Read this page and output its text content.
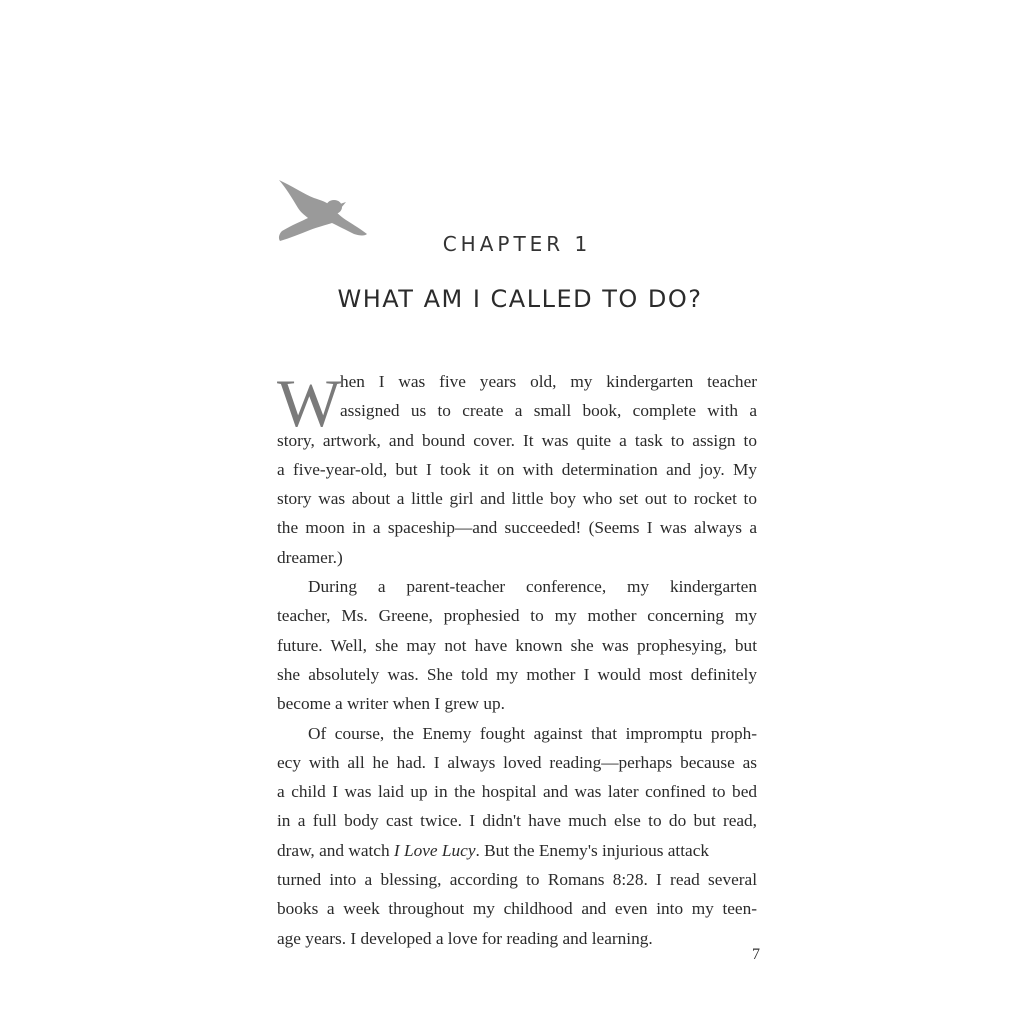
CHAPTER 1
WHAT AM I CALLED TO DO?
W
hen I was five years old, my kindergarten teacher
assigned us to create a small book, complete with a
story, artwork, and bound cover. It was quite a task to assign to
a five-year-old, but I took it on with determination and joy. My
story was about a little girl and little boy who set out to rocket to
the moon in a spaceship—and succeeded! (Seems I was always a
dreamer.)
During a parent-teacher conference, my kindergarten
teacher, Ms. Greene, prophesied to my mother concerning my
future. Well, she may not have known she was prophesying, but
she absolutely was. She told my mother I would most definitely
become a writer when I grew up.
Of course, the Enemy fought against that impromptu proph-
ecy with all he had. I always loved reading—perhaps because as
a child I was laid up in the hospital and was later confined to bed
in a full body cast twice. I didn't have much else to do but read,
draw, and watch I Love Lucy. But the Enemy's injurious attack
turned into a blessing, according to Romans 8:28. I read several
books a week throughout my childhood and even into my teen-
age years. I developed a love for reading and learning.
7
